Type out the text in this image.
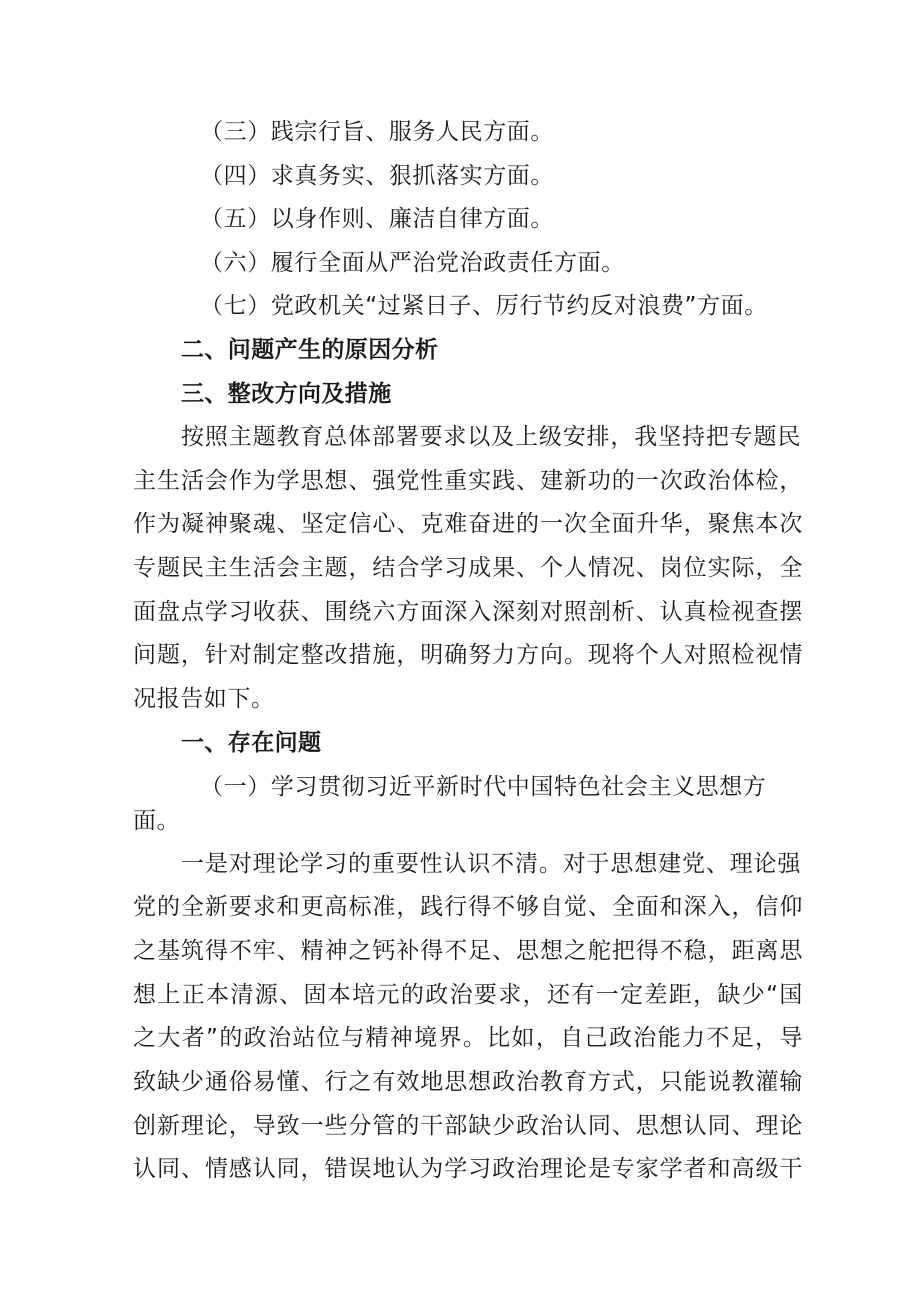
（三）践宗行旨、服务人民方面。
（四）求真务实、狠抓落实方面。
（五）以身作则、廉洁自律方面。
（六）履行全面从严治党治政责任方面。
（七）党政机关“过紧日子、厉行节约反对浪费”方面。
二、问题产生的原因分析
三、整改方向及措施
按照主题教育总体部署要求以及上级安排，我坚持把专题民
主生活会作为学思想、强党性重实践、建新功的一次政治体检，
作为凝神聚魂、坚定信心、克难奋进的一次全面升华，聚焦本次
专题民主生活会主题，结合学习成果、个人情况、岗位实际，全
面盘点学习收获、围绕六方面深入深刻对照剖析、认真检视查摆
问题，针对制定整改措施，明确努力方向。现将个人对照检视情
况报告如下。
一、存在问题
（一）学习贯彻习近平新时代中国特色社会主义思想方
面。
一是对理论学习的重要性认识不清。对于思想建党、理论强
党的全新要求和更高标准，践行得不够自觉、全面和深入，信仰
之基筑得不牢、精神之钙补得不足、思想之舵把得不稳，距离思
想上正本清源、固本培元的政治要求，还有一定差距，缺少“国
之大者”的政治站位与精神境界。比如，自己政治能力不足，导
致缺少通俗易懂、行之有效地思想政治教育方式，只能说教灌输
创新理论，导致一些分管的干部缺少政治认同、思想认同、理论
认同、情感认同，错误地认为学习政治理论是专家学者和高级干
